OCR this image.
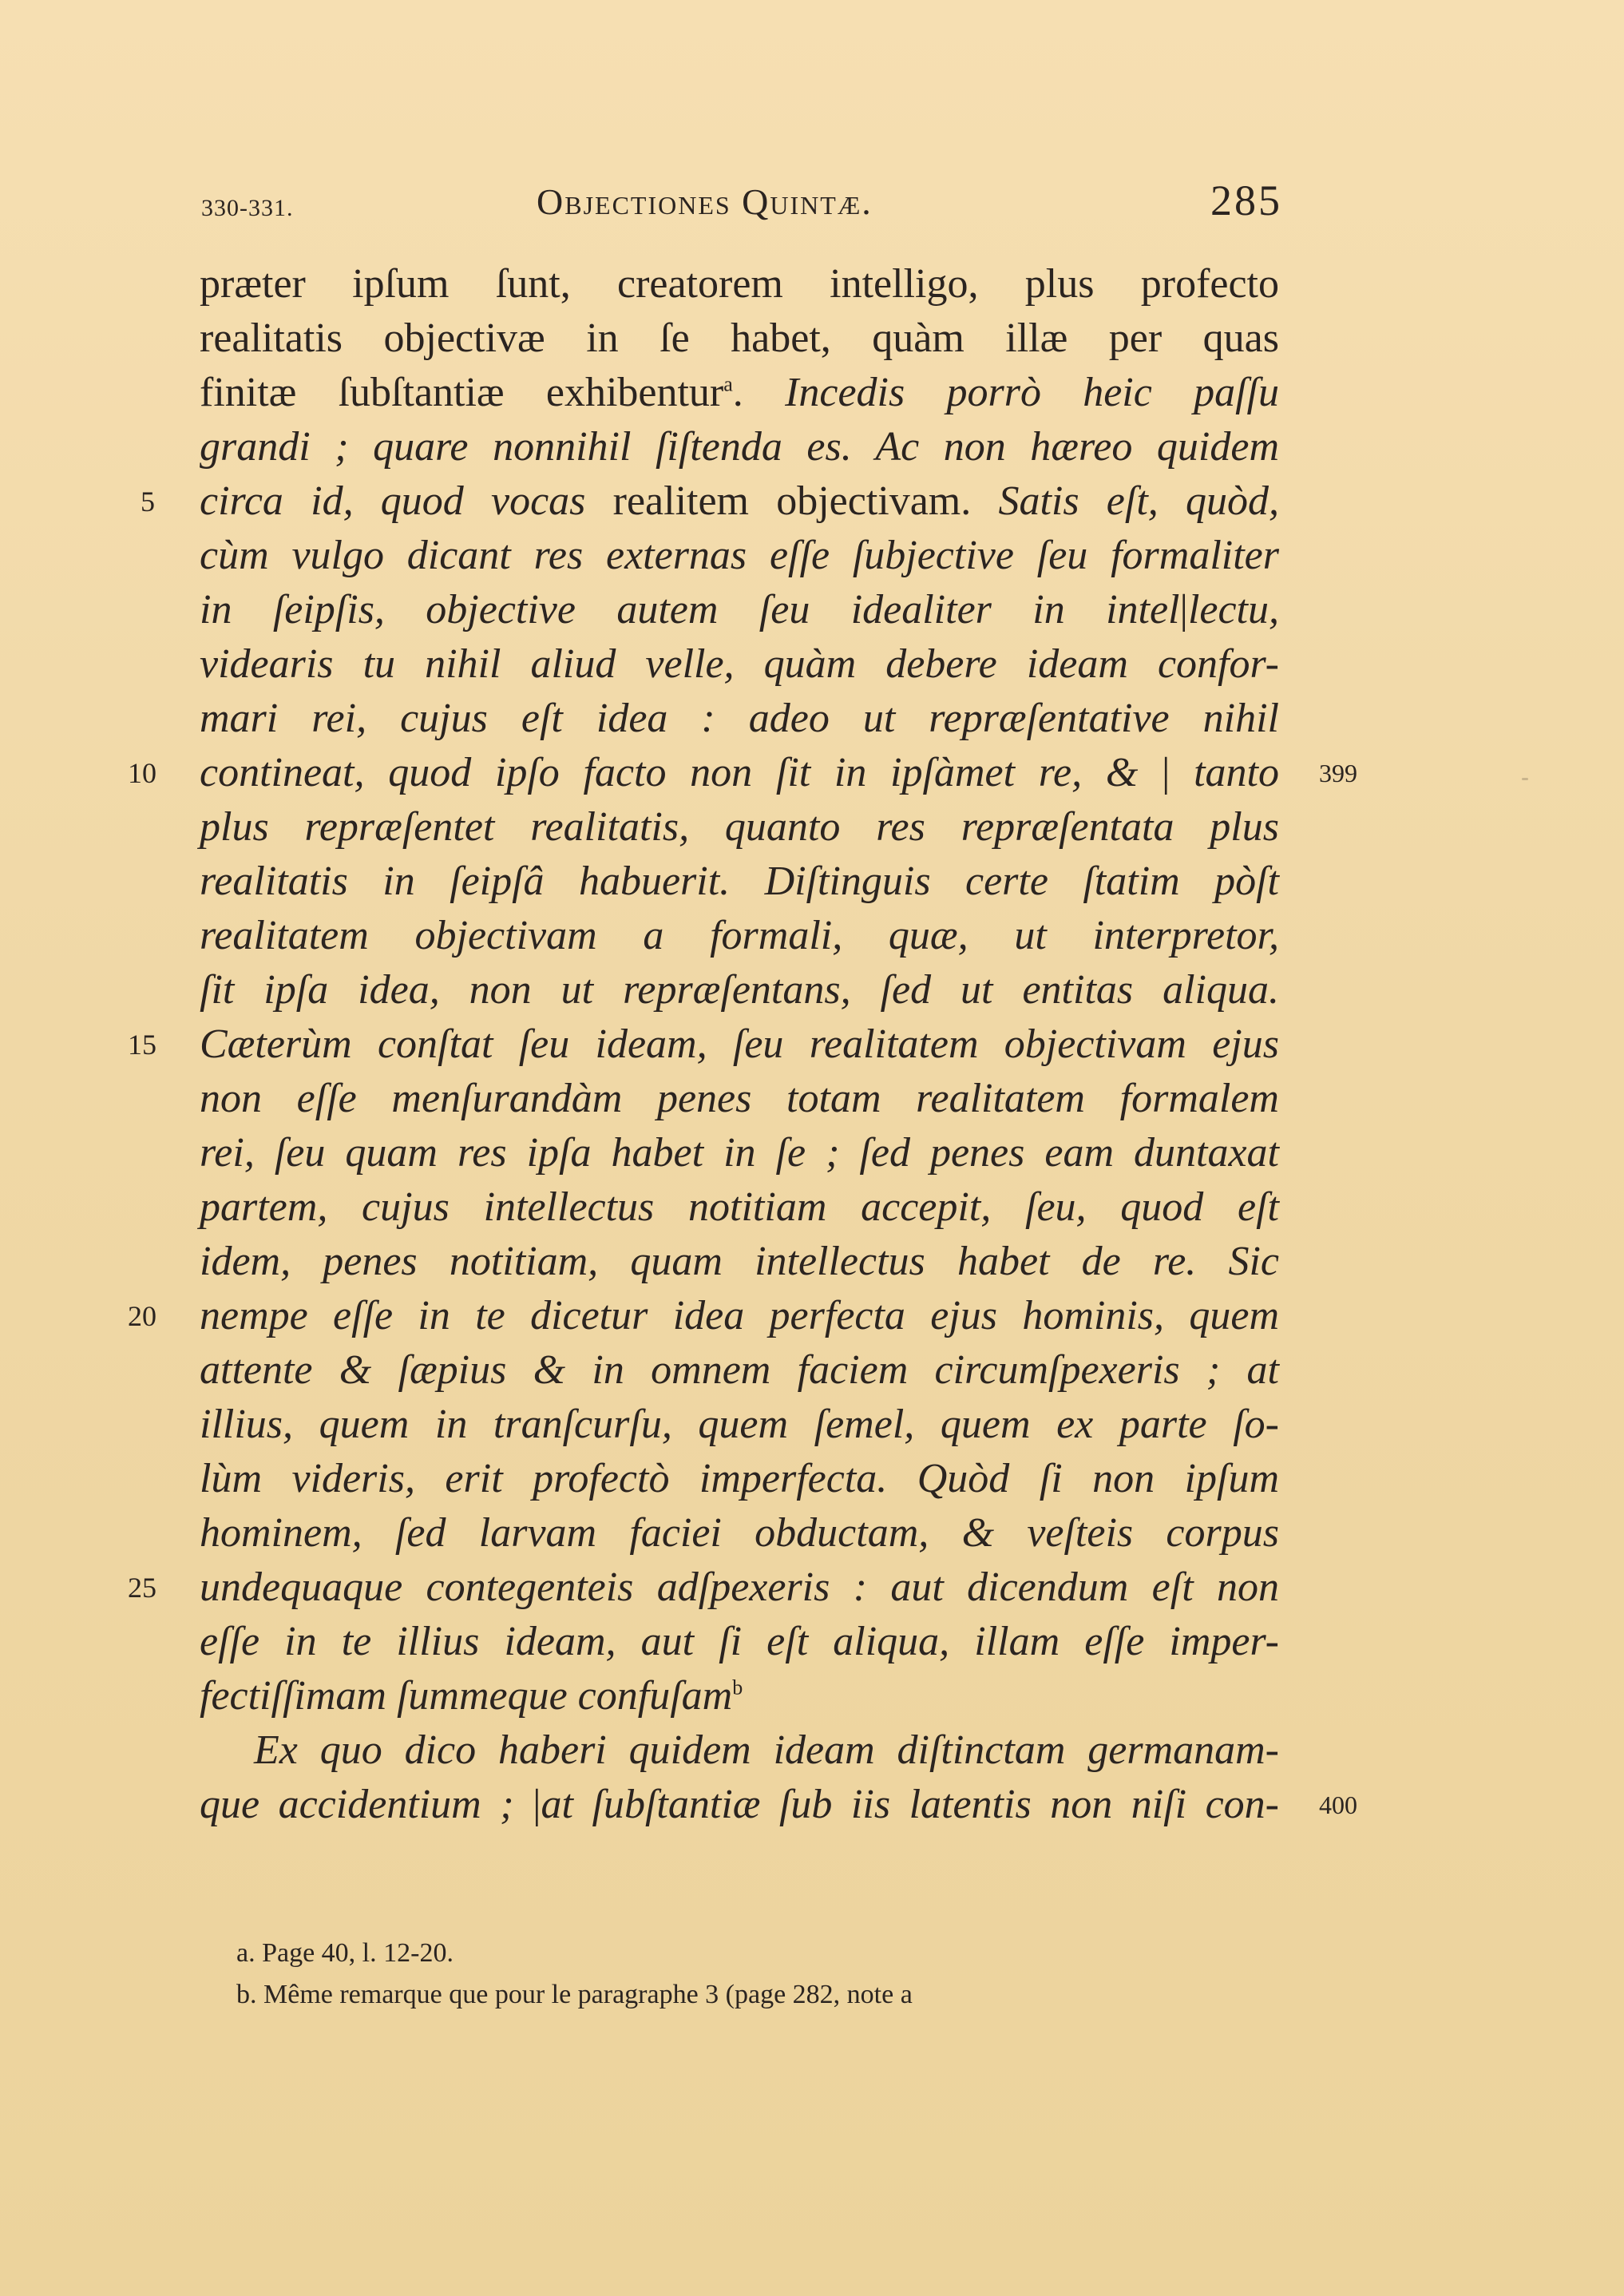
330-331.	Objectiones Quintæ.	285
præter ipſum ſunt, creatorem intelligo, plus profecto
realitatis objectivæ in ſe habet, quàm illæ per quas
finitæ ſubſtantiæ exhibentur$^a$. Incedis porrò heic paſſu
grandi ; quare nonnihil ſiſtenda es. Ac non hæreo quidem
circa id, quod vocas realitem objectivam. Satis eſt, quòd,
cùm vulgo dicant res externas eſſe ſubjective ſeu formaliter
in ſeipſis, objective autem ſeu idealiter in intel|lectu,
videaris tu nihil aliud velle, quàm debere ideam confor-
mari rei, cujus eſt idea : adeo ut repræſentative nihil
contineat, quod ipſo facto non ſit in ipſàmet re, & | tanto
plus repræſentet realitatis, quanto res repræſentata plus
realitatis in ſeipſâ habuerit. Diſtinguis certe ſtatim pòſt
realitatem objectivam a formali, quæ, ut interpretor,
ſit ipſa idea, non ut repræſentans, ſed ut entitas aliqua.
Cæterùm conſtat ſeu ideam, ſeu realitatem objectivam ejus
non eſſe menſurandàm penes totam realitatem formalem
rei, ſeu quam res ipſa habet in ſe ; ſed penes eam duntaxat
partem, cujus intellectus notitiam accepit, ſeu, quod eſt
idem, penes notitiam, quam intellectus habet de re. Sic
nempe eſſe in te dicetur idea perfecta ejus hominis, quem
attente & ſæpius & in omnem faciem circumſpexeris ; at
illius, quem in tranſcurſu, quem ſemel, quem ex parte ſo-
lùm videris, erit profectò imperfecta. Quòd ſi non ipſum
hominem, ſed larvam faciei obductam, & veſteis corpus
undequaque contegenteis adſpexeris : aut dicendum eſt non
eſſe in te illius ideam, aut ſi eſt aliqua, illam eſſe imper-
fectiſſimam ſummeque confuſam$^b$
Ex quo dico haberi quidem ideam diſtinctam germanam-
que accidentium ; |at ſubſtantiæ ſub iis latentis non niſi con-
5
10
15
20
25
399
400
a. Page 40, l. 12-20.
b. Même remarque que pour le paragraphe 3 (page 282, note a
